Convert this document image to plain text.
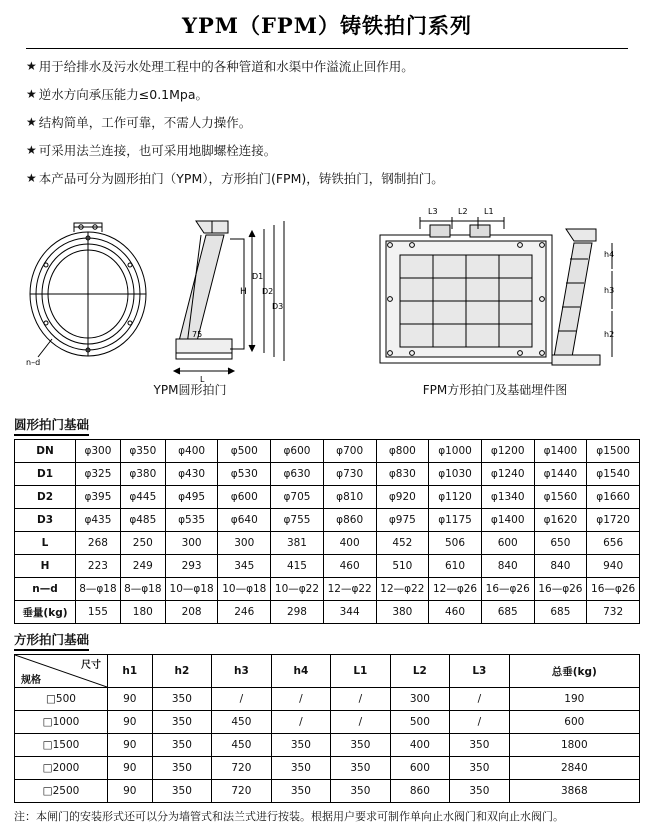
YPM（FPM）铸铁拍门系列
★ 用于给排水及污水处理工程中的各种管道和水渠中作溢流止回作用。
★ 逆水方向承压能力≤0.1Mpa。
★ 结构简单，工作可靠，不需人力操作。
★ 可采用法兰连接，也可采用地脚螺栓连接。
★ 本产品可分为圆形拍门（YPM），方形拍门(FPM)，铸铁拍门，钢制拍门。
n–d
H
D1
D2
D3
L
75
L3	L2 L1
h4
h3
h2
YPM圆形拍门	FPM方形拍门及基础埋件图
圆形拍门基础
DN	φ300	φ350	φ400	φ500	φ600	φ700	φ800	φ1000	φ1200	φ1400	φ1500
D1	φ325	φ380	φ430	φ530	φ630	φ730	φ830	φ1030	φ1240	φ1440	φ1540
D2	φ395	φ445	φ495	φ600	φ705	φ810	φ920	φ1120	φ1340	φ1560	φ1660
D3	φ435	φ485	φ535	φ640	φ755	φ860	φ975	φ1175	φ1400	φ1620	φ1720
L	268	250	300	300	381	400	452	506	600	650	656
H	223	249	293	345	415	460	510	610	840	840	940
n—d	8—φ18	8—φ18	10—φ18	10—φ18	10—φ22	12—φ22	12—φ22	12—φ26	16—φ26	16—φ26	16—φ26
垂量(kg)	155	180	208	246	298	344	380	460	685	685	732
方形拍门基础
尺寸
规格	h1	h2	h3	h4	L1	L2	L3	总垂(kg)
□500	90	350	/	/	/	300	/	190
□1000	90	350	450	/	/	500	/	600
□1500	90	350	450	350	350	400	350	1800
□2000	90	350	720	350	350	600	350	2840
□2500	90	350	720	350	350	860	350	3868
注：本闸门的安装形式还可以分为墙管式和法兰式进行按装。根据用户要求可制作单向止水阀门和双向止水阀门。
